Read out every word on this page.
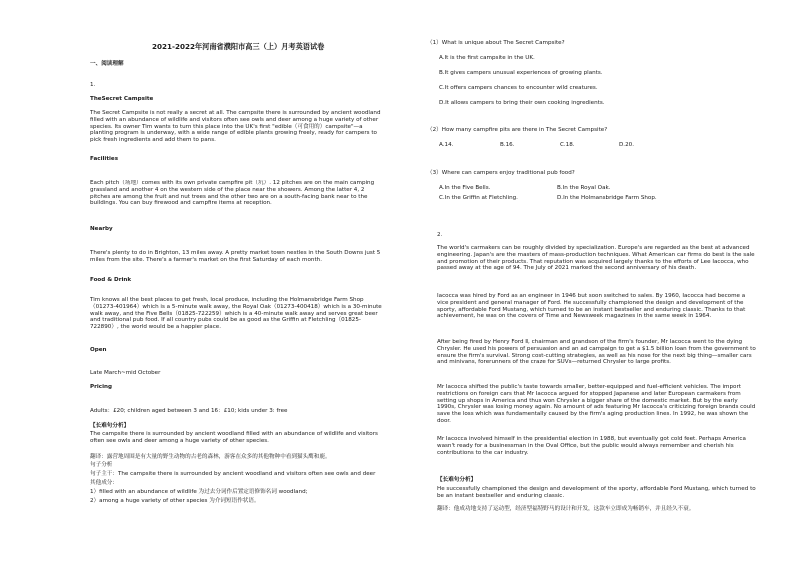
2021-2022年河南省濮阳市高三（上）月考英语试卷
一、阅读理解
1.
TheSecret Campsite
The Secret Campsite is not really a secret at all. The campsite there is surrounded by ancient woodland filled with an abundance of wildlife and visitors often see owls and deer among a huge variety of other species. Its owner Tim wants to turn this place into the UK's first "edible（可食用的）campsite"—a planting program is underway, with a wide range of edible plants growing freely, ready for campers to pick fresh ingredients and add them to pans.
Facilities
Each pitch（场地）comes with its own private campfire pit（坑）. 12 pitches are on the main camping grassland and another 4 on the western side of the place near the showers. Among the latter 4, 2 pitches are among the fruit and nut trees and the other two are on a south-facing bank near to the buildings. You can buy firewood and campfire items at reception.
Nearby
There's plenty to do in Brighton, 13 miles away. A pretty market town nestles in the South Downs just 5 miles from the site. There's a farmer's market on the first Saturday of each month.
Food & Drink
Tim knows all the best places to get fresh, local produce, including the Holmansbridge Farm Shop（01273-401964）which is a 5-minute walk away, the Royal Oak（01273-400418）which is a 30-minute walk away, and the Five Bells（01825-722259）which is a 40-minute walk away and serves great beer and traditional pub food. If all country pubs could be as good as the Griffin at Fletchling（01825-722890）, the world would be a happier place.
Open
Late March~mid October
Pricing
Adults：£20; children aged between 3 and 16：£10; kids under 3: free
【长难句分析】
The campsite there is surrounded by ancient woodland filled with an abundance of wildlife and visitors often see owls and deer among a huge variety of other species.
翻译：露营地周围是有大量的野生动物的古老的森林，游客在众多的其他物种中看到猫头鹰和鹿。
句子分析
句子主干：The campsite there is surrounded by ancient woodland and visitors often see owls and deer
其他成分：
1）filled with an abundance of wildlife 为过去分词作后置定语修饰名词 woodland;
2）among a huge variety of other species 为介词短语作状语。
（1）What is unique about The Secret Campsite?
A.It is the first campsite in the UK.
B.It gives campers unusual experiences of growing plants.
C.It offers campers chances to encounter wild creatures.
D.It allows campers to bring their own cooking ingredients.
（2）How many campfire pits are there in The Secret Campsite?
A.14.	B.16.	C.18.	D.20.
（3）Where can campers enjoy traditional pub food?
A.In the Five Bells.	B.In the Royal Oak.
C.In the Griffin at Fletchling.	D.In the Holmansbridge Farm Shop.
2.
The world's carmakers can be roughly divided by specialization. Europe's are regarded as the best at advanced engineering. Japan's are the masters of mass-production techniques. What American car firms do best is the sale and promotion of their products. That reputation was acquired largely thanks to the efforts of Lee Iacocca, who passed away at the age of 94. The July of 2021 marked the second anniversary of his death.
Iacocca was hired by Ford as an engineer in 1946 but soon switched to sales. By 1960, Iacocca had become a vice president and general manager of Ford. He successfully championed the design and development of the sporty, affordable Ford Mustang, which turned to be an instant bestseller and enduring classic. Thanks to that achievement, he was on the covers of Time and Newsweek magazines in the same week in 1964.
After being fired by Henry Ford Ⅱ, chairman and grandson of the firm's founder, Mr Iacocca went to the dying Chrysler. He used his powers of persuasion and an ad campaign to get a $1.5 billion loan from the government to ensure the firm's survival. Strong cost-cutting strategies, as well as his nose for the next big thing—smaller cars and minivans, forerunners of the craze for SUVs—returned Chrysler to large profits.
Mr Iacocca shifted the public's taste towards smaller, better-equipped and fuel-efficient vehicles. The import restrictions on foreign cars that Mr Iacocca argued for stopped Japanese and later European carmakers from setting up shops in America and thus won Chrysler a bigger share of the domestic market. But by the early 1990s, Chrysler was losing money again. No amount of ads featuring Mr Iacocca's criticizing foreign brands could save the loss which was fundamentally caused by the firm's aging production lines. In 1992, he was shown the door.
Mr Iacocca involved himself in the presidential election in 1988, but eventually got cold feet. Perhaps America wasn't ready for a businessman in the Oval Office, but the public would always remember and cherish his contributions to the car industry.
【长难句分析】
He successfully championed the design and development of the sporty, affordable Ford Mustang, which turned to be an instant bestseller and enduring classic.
翻译：他成功地支持了运动型，经济型福特野马的设计和开发，这款车立即成为畅销车，并且经久不衰。
